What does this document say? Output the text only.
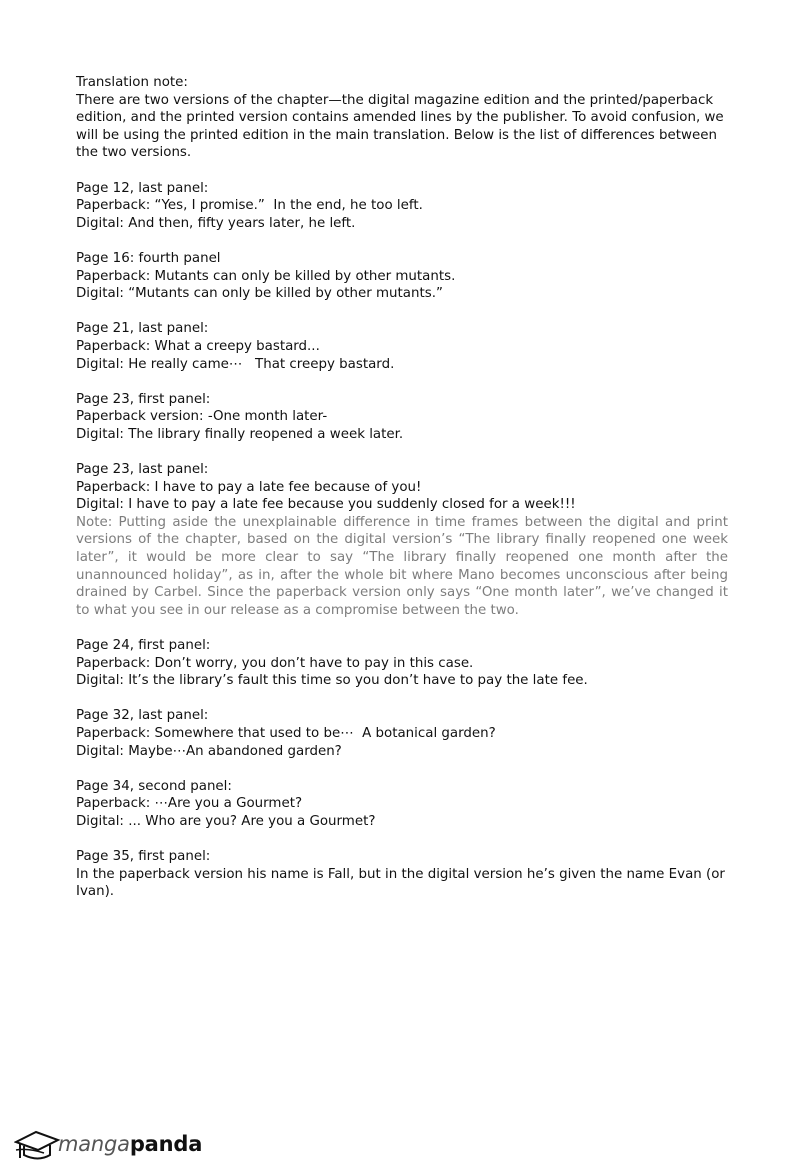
Translation note:

There are two versions of the chapter—the digital magazine edition and the printed/paperback edition, and the printed version contains amended lines by the publisher. To avoid confusion, we will be using the printed edition in the main translation. Below is the list of differences between the two versions.

Page 12, last panel:

Paperback: “Yes, I promise.”  In the end, he too left.

Digital: And then, fifty years later, he left.

Page 16: fourth panel

Paperback: Mutants can only be killed by other mutants.

Digital: “Mutants can only be killed by other mutants.”

Page 21, last panel:

Paperback: What a creepy bastard...

Digital: He really came⋯   That creepy bastard.

Page 23, first panel:

Paperback version: -One month later-

Digital: The library finally reopened a week later.

Page 23, last panel:

Paperback: I have to pay a late fee because of you!

Digital: I have to pay a late fee because you suddenly closed for a week!!!

Note: Putting aside the unexplainable difference in time frames between the digital and print versions of the chapter, based on the digital version’s “The library finally reopened one week later”, it would be more clear to say “The library finally reopened one month after the unannounced holiday”, as in, after the whole bit where Mano becomes unconscious after being drained by Carbel. Since the paperback version only says “One month later”, we’ve changed it to what you see in our release as a compromise between the two.

Page 24, first panel:

Paperback: Don’t worry, you don’t have to pay in this case.

Digital: It’s the library’s fault this time so you don’t have to pay the late fee.

Page 32, last panel:

Paperback: Somewhere that used to be⋯  A botanical garden?

Digital: Maybe⋯An abandoned garden?

Page 34, second panel:

Paperback: ⋯Are you a Gourmet?

Digital: ... Who are you? Are you a Gourmet?

Page 35, first panel:

In the paperback version his name is Fall, but in the digital version he’s given the name Evan (or Ivan).

mangapanda
